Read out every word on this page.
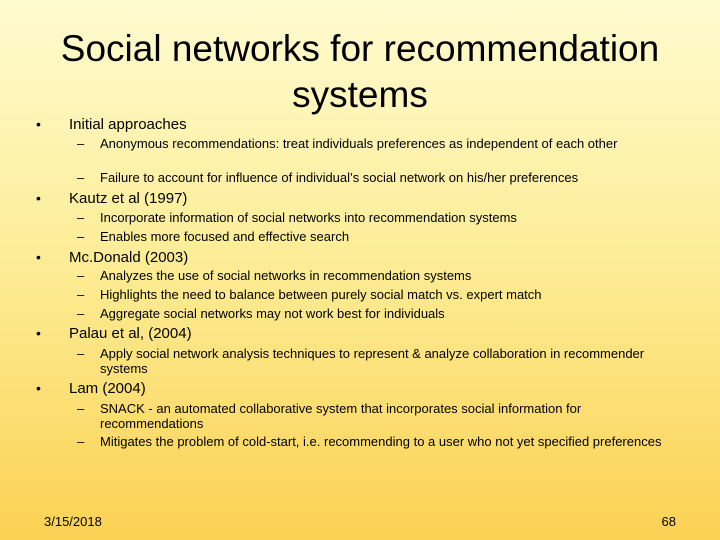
Social networks for recommendation systems
• Initial approaches
– Anonymous recommendations: treat individuals preferences as independent of each other
– Failure to account for influence of individual’s social network on his/her preferences
• Kautz et al (1997)
– Incorporate information of social networks into recommendation systems
– Enables more focused and effective search
• Mc.Donald (2003)
– Analyzes the use of social networks in recommendation systems
– Highlights the need to balance between purely social match vs. expert match
– Aggregate social networks may not work best for individuals
• Palau et al, (2004)
– Apply social network analysis techniques to represent & analyze collaboration in recommender systems
• Lam (2004)
– SNACK - an automated collaborative system that incorporates social information for recommendations
– Mitigates the problem of cold-start, i.e. recommending to a user who not yet specified preferences
3/15/2018	68
